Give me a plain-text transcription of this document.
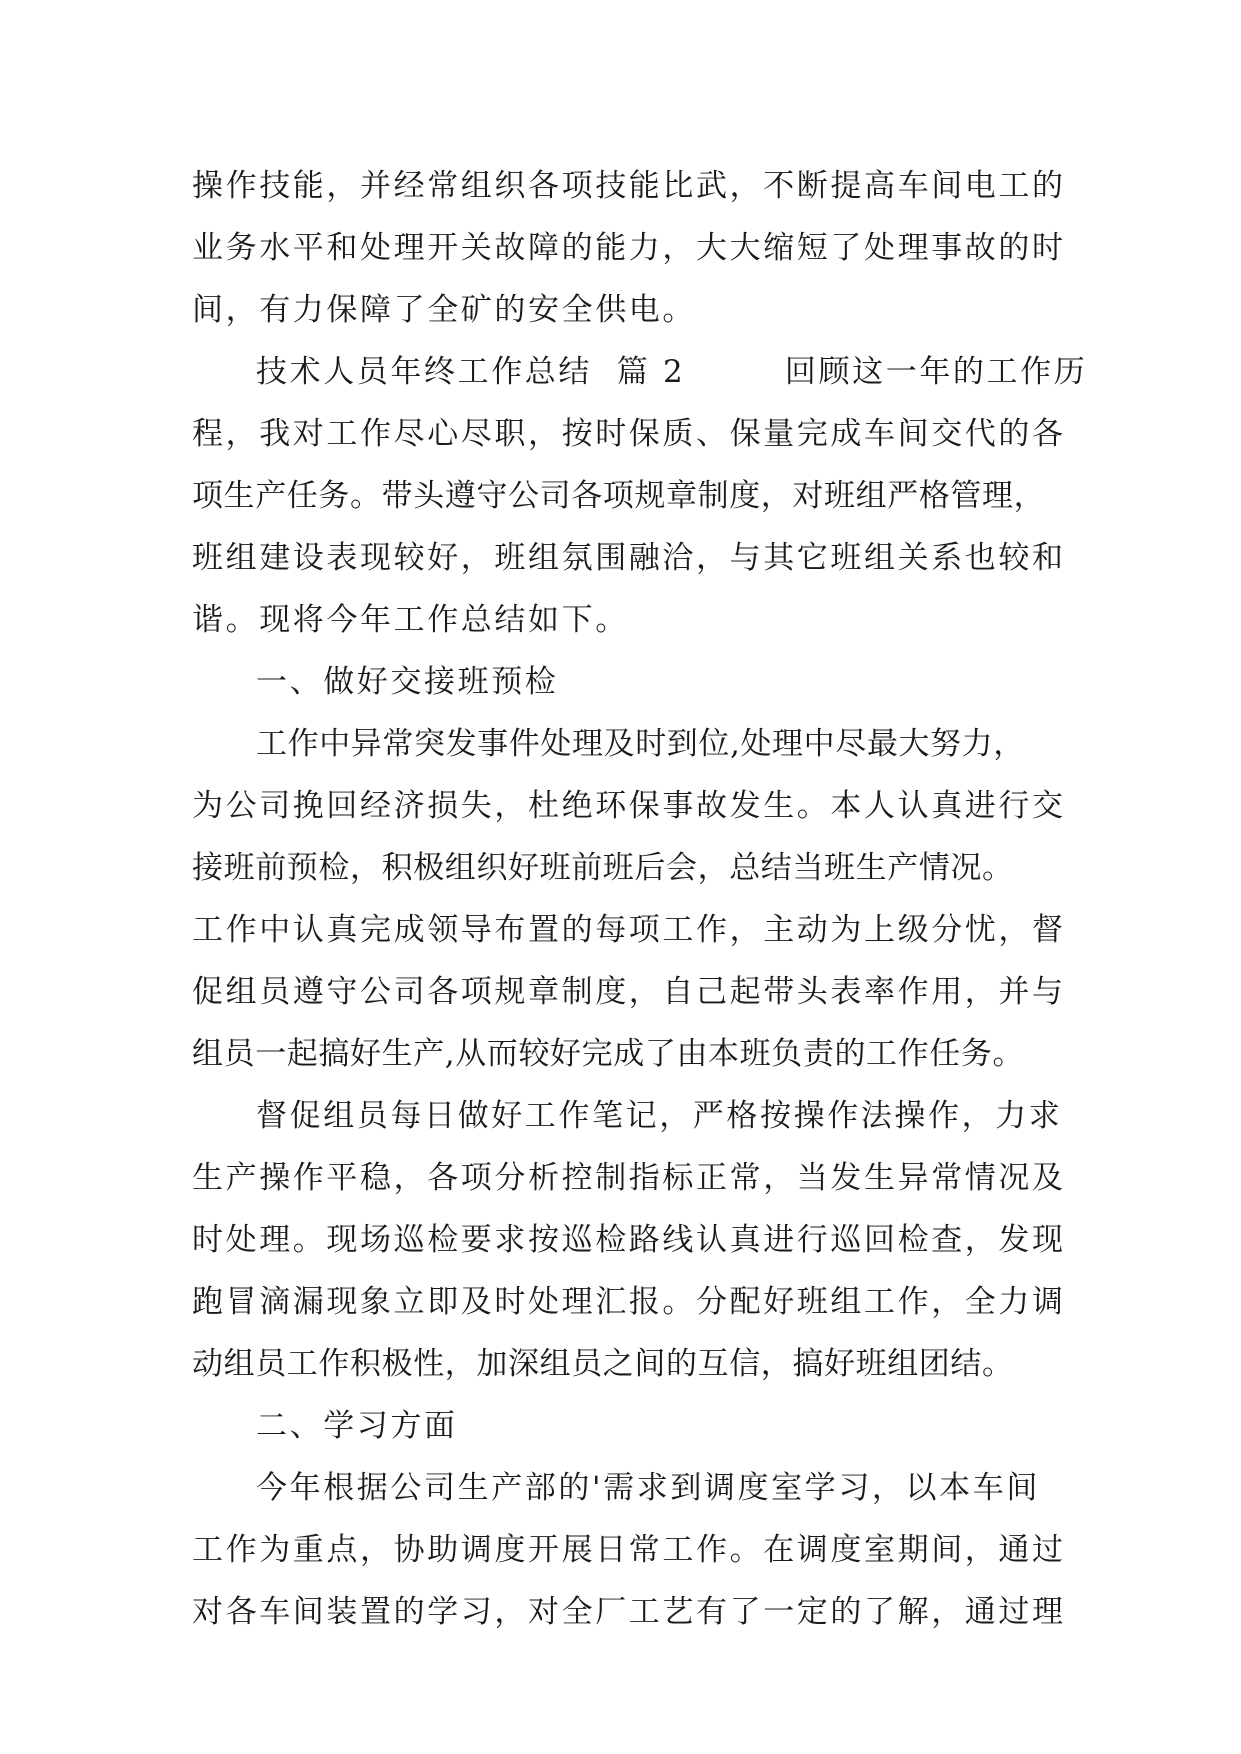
操作技能，并经常组织各项技能比武，不断提高车间电工的
业务水平和处理开关故障的能力，大大缩短了处理事故的时
间，有力保障了全矿的安全供电。
技术人员年终工作总结  篇 2        回顾这一年的工作历
程，我对工作尽心尽职，按时保质、保量完成车间交代的各
项生产任务。带头遵守公司各项规章制度，对班组严格管理，
班组建设表现较好，班组氛围融洽，与其它班组关系也较和
谐。现将今年工作总结如下。
一、做好交接班预检
工作中异常突发事件处理及时到位,处理中尽最大努力，
为公司挽回经济损失，杜绝环保事故发生。本人认真进行交
接班前预检，积极组织好班前班后会，总结当班生产情况。
工作中认真完成领导布置的每项工作，主动为上级分忧，督
促组员遵守公司各项规章制度，自己起带头表率作用，并与
组员一起搞好生产,从而较好完成了由本班负责的工作任务。
督促组员每日做好工作笔记，严格按操作法操作，力求
生产操作平稳，各项分析控制指标正常，当发生异常情况及
时处理。现场巡检要求按巡检路线认真进行巡回检查，发现
跑冒滴漏现象立即及时处理汇报。分配好班组工作，全力调
动组员工作积极性，加深组员之间的互信，搞好班组团结。
二、学习方面
今年根据公司生产部的'需求到调度室学习，以本车间
工作为重点，协助调度开展日常工作。在调度室期间，通过
对各车间装置的学习，对全厂工艺有了一定的了解，通过理
